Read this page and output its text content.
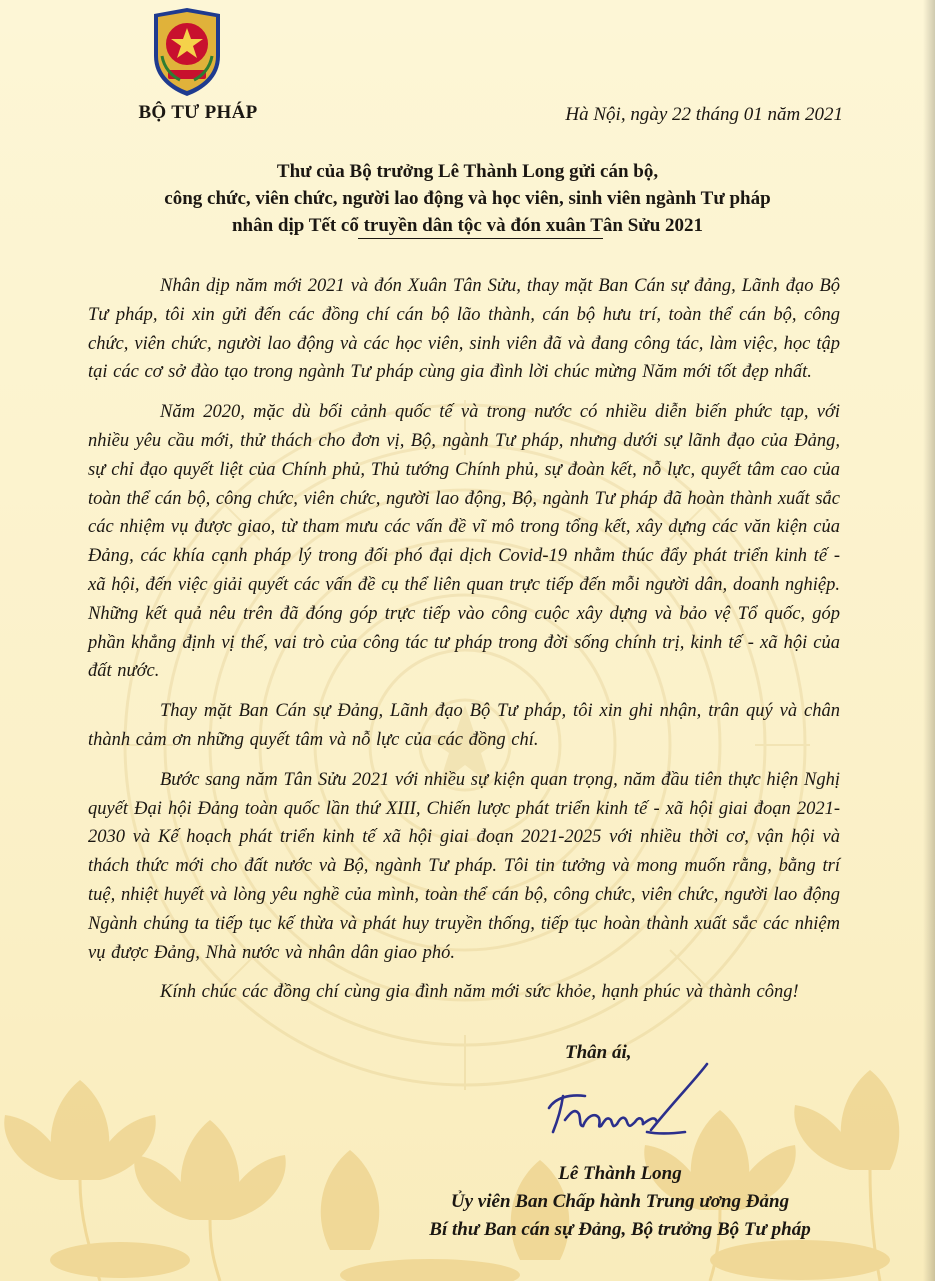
BỘ TƯ PHÁP	Hà Nội, ngày 22 tháng 01 năm 2021
Thư của Bộ trưởng Lê Thành Long gửi cán bộ,
công chức, viên chức, người lao động và học viên, sinh viên ngành Tư pháp
nhân dịp Tết cổ truyền dân tộc và đón xuân Tân Sửu 2021

Nhân dịp năm mới 2021 và đón Xuân Tân Sửu, thay mặt Ban Cán sự đảng, Lãnh đạo Bộ Tư pháp, tôi xin gửi đến các đồng chí cán bộ lão thành, cán bộ hưu trí, toàn thể cán bộ, công chức, viên chức, người lao động và các học viên, sinh viên đã và đang công tác, làm việc, học tập tại các cơ sở đào tạo trong ngành Tư pháp cùng gia đình lời chúc mừng Năm mới tốt đẹp nhất.

Năm 2020, mặc dù bối cảnh quốc tế và trong nước có nhiều diễn biến phức tạp, với nhiều yêu cầu mới, thử thách cho đơn vị, Bộ, ngành Tư pháp, nhưng dưới sự lãnh đạo của Đảng, sự chỉ đạo quyết liệt của Chính phủ, Thủ tướng Chính phủ, sự đoàn kết, nỗ lực, quyết tâm cao của toàn thể cán bộ, công chức, viên chức, người lao động, Bộ, ngành Tư pháp đã hoàn thành xuất sắc các nhiệm vụ được giao, từ tham mưu các vấn đề vĩ mô trong tổng kết, xây dựng các văn kiện của Đảng, các khía cạnh pháp lý trong đối phó đại dịch Covid-19 nhằm thúc đẩy phát triển kinh tế - xã hội, đến việc giải quyết các vấn đề cụ thể liên quan trực tiếp đến mỗi người dân, doanh nghiệp. Những kết quả nêu trên đã đóng góp trực tiếp vào công cuộc xây dựng và bảo vệ Tổ quốc, góp phần khẳng định vị thế, vai trò của công tác tư pháp trong đời sống chính trị, kinh tế - xã hội của đất nước.

Thay mặt Ban Cán sự Đảng, Lãnh đạo Bộ Tư pháp, tôi xin ghi nhận, trân quý và chân thành cảm ơn những quyết tâm và nỗ lực của các đồng chí.

Bước sang năm Tân Sửu 2021 với nhiều sự kiện quan trọng, năm đầu tiên thực hiện Nghị quyết Đại hội Đảng toàn quốc lần thứ XIII, Chiến lược phát triển kinh tế - xã hội giai đoạn 2021-2030 và Kế hoạch phát triển kinh tế xã hội giai đoạn 2021-2025 với nhiều thời cơ, vận hội và thách thức mới cho đất nước và Bộ, ngành Tư pháp. Tôi tin tưởng và mong muốn rằng, bằng trí tuệ, nhiệt huyết và lòng yêu nghề của mình, toàn thể cán bộ, công chức, viên chức, người lao động Ngành chúng ta tiếp tục kế thừa và phát huy truyền thống, tiếp tục hoàn thành xuất sắc các nhiệm vụ được Đảng, Nhà nước và nhân dân giao phó.

Kính chúc các đồng chí cùng gia đình năm mới sức khỏe, hạnh phúc và thành công!

Thân ái,
Lê Thành Long
Ủy viên Ban Chấp hành Trung ương Đảng
Bí thư Ban cán sự Đảng, Bộ trưởng Bộ Tư pháp
